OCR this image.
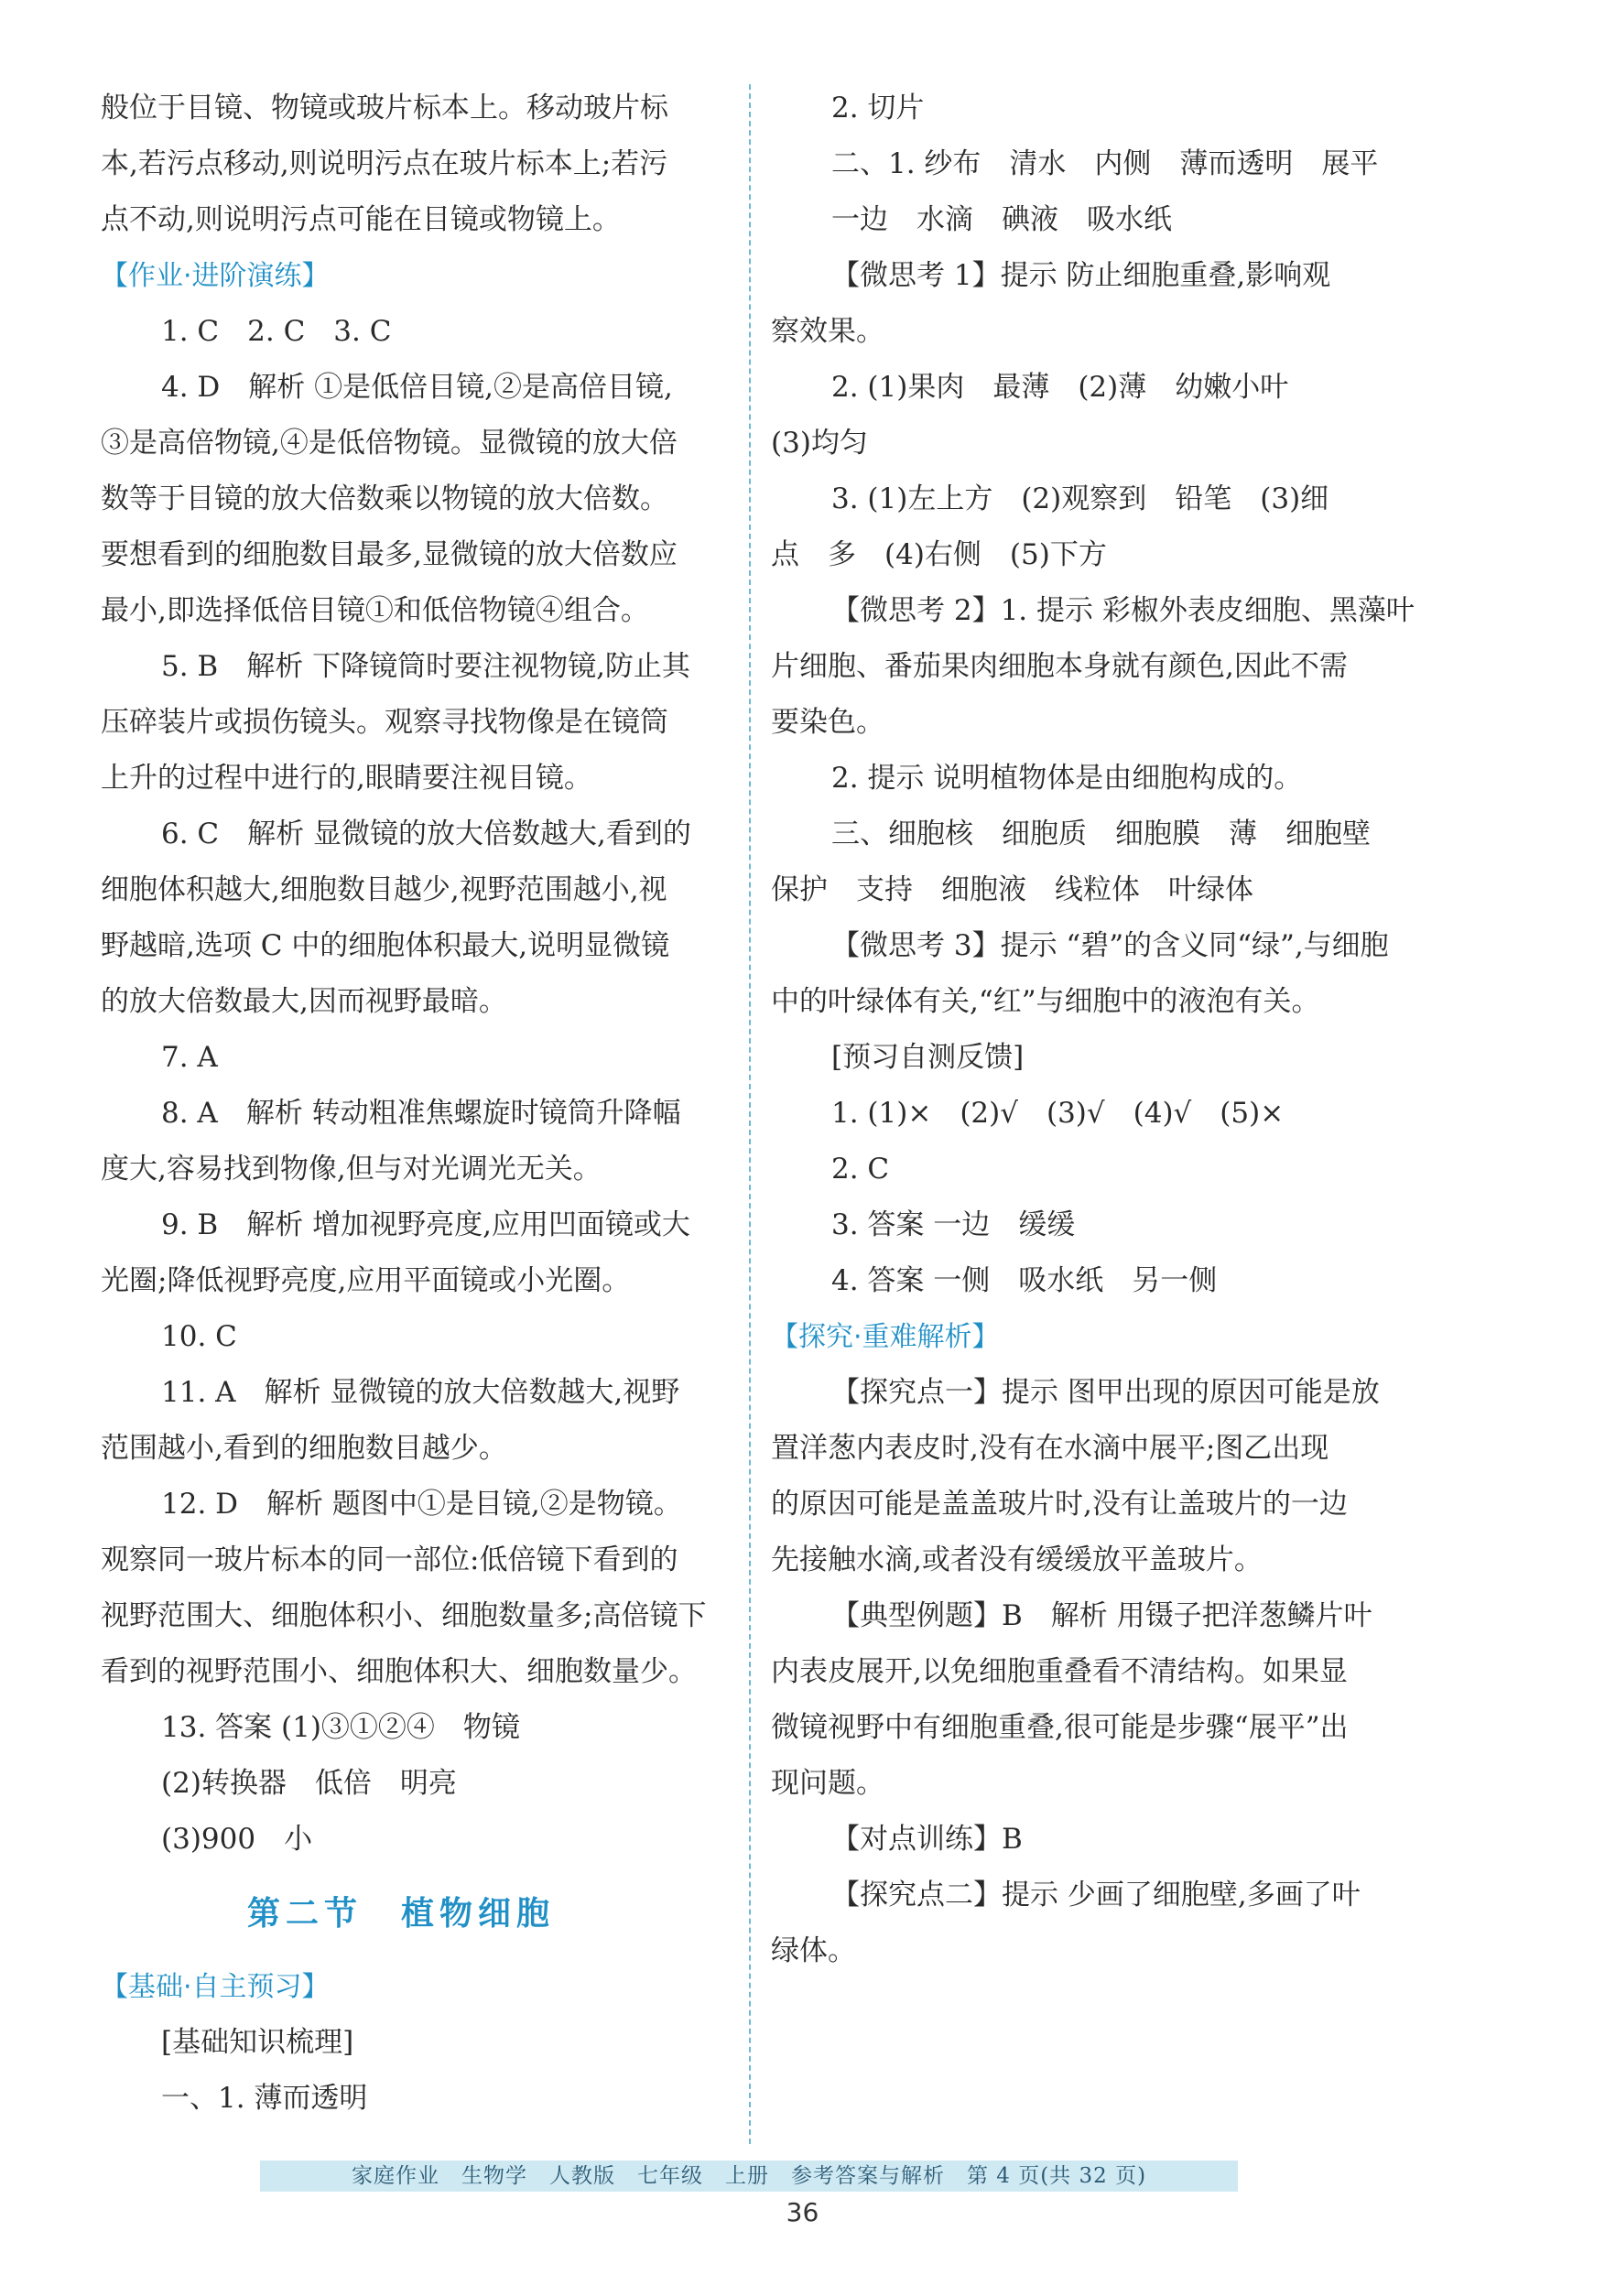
般位于目镜、物镜或玻片标本上。移动玻片标
本,若污点移动,则说明污点在玻片标本上;若污
点不动,则说明污点可能在目镜或物镜上。
【作业·进阶演练】
1. C　2. C　3. C
4. D　解析 ①是低倍目镜,②是高倍目镜,
③是高倍物镜,④是低倍物镜。显微镜的放大倍
数等于目镜的放大倍数乘以物镜的放大倍数。
要想看到的细胞数目最多,显微镜的放大倍数应
最小,即选择低倍目镜①和低倍物镜④组合。
5. B　解析 下降镜筒时要注视物镜,防止其
压碎装片或损伤镜头。观察寻找物像是在镜筒
上升的过程中进行的,眼睛要注视目镜。
6. C　解析 显微镜的放大倍数越大,看到的
细胞体积越大,细胞数目越少,视野范围越小,视
野越暗,选项 C 中的细胞体积最大,说明显微镜
的放大倍数最大,因而视野最暗。
7. A
8. A　解析 转动粗准焦螺旋时镜筒升降幅
度大,容易找到物像,但与对光调光无关。
9. B　解析 增加视野亮度,应用凹面镜或大
光圈;降低视野亮度,应用平面镜或小光圈。
10. C
11. A　解析 显微镜的放大倍数越大,视野
范围越小,看到的细胞数目越少。
12. D　解析 题图中①是目镜,②是物镜。
观察同一玻片标本的同一部位:低倍镜下看到的
视野范围大、细胞体积小、细胞数量多;高倍镜下
看到的视野范围小、细胞体积大、细胞数量少。
13. 答案 (1)③①②④　物镜
(2)转换器　低倍　明亮
(3)900　小
第二节　植物细胞
【基础·自主预习】
[基础知识梳理]
一、1. 薄而透明
2. 切片
二、1. 纱布　清水　内侧　薄而透明　展平
一边　水滴　碘液　吸水纸
【微思考 1】提示 防止细胞重叠,影响观
察效果。
2. (1)果肉　最薄　(2)薄　幼嫩小叶
(3)均匀
3. (1)左上方　(2)观察到　铅笔　(3)细
点　多　(4)右侧　(5)下方
【微思考 2】1. 提示 彩椒外表皮细胞、黑藻叶
片细胞、番茄果肉细胞本身就有颜色,因此不需
要染色。
2. 提示 说明植物体是由细胞构成的。
三、细胞核　细胞质　细胞膜　薄　细胞壁
保护　支持　细胞液　线粒体　叶绿体
【微思考 3】提示 “碧”的含义同“绿”,与细胞
中的叶绿体有关,“红”与细胞中的液泡有关。
[预习自测反馈]
1. (1)×　(2)√　(3)√　(4)√　(5)×
2. C
3. 答案 一边　缓缓
4. 答案 一侧　吸水纸　另一侧
【探究·重难解析】
【探究点一】提示 图甲出现的原因可能是放
置洋葱内表皮时,没有在水滴中展平;图乙出现
的原因可能是盖盖玻片时,没有让盖玻片的一边
先接触水滴,或者没有缓缓放平盖玻片。
【典型例题】B　解析 用镊子把洋葱鳞片叶
内表皮展开,以免细胞重叠看不清结构。如果显
微镜视野中有细胞重叠,很可能是步骤“展平”出
现问题。
【对点训练】B
【探究点二】提示 少画了细胞壁,多画了叶
绿体。
家庭作业　生物学　人教版　七年级　上册　参考答案与解析　第 4 页(共 32 页)
36
